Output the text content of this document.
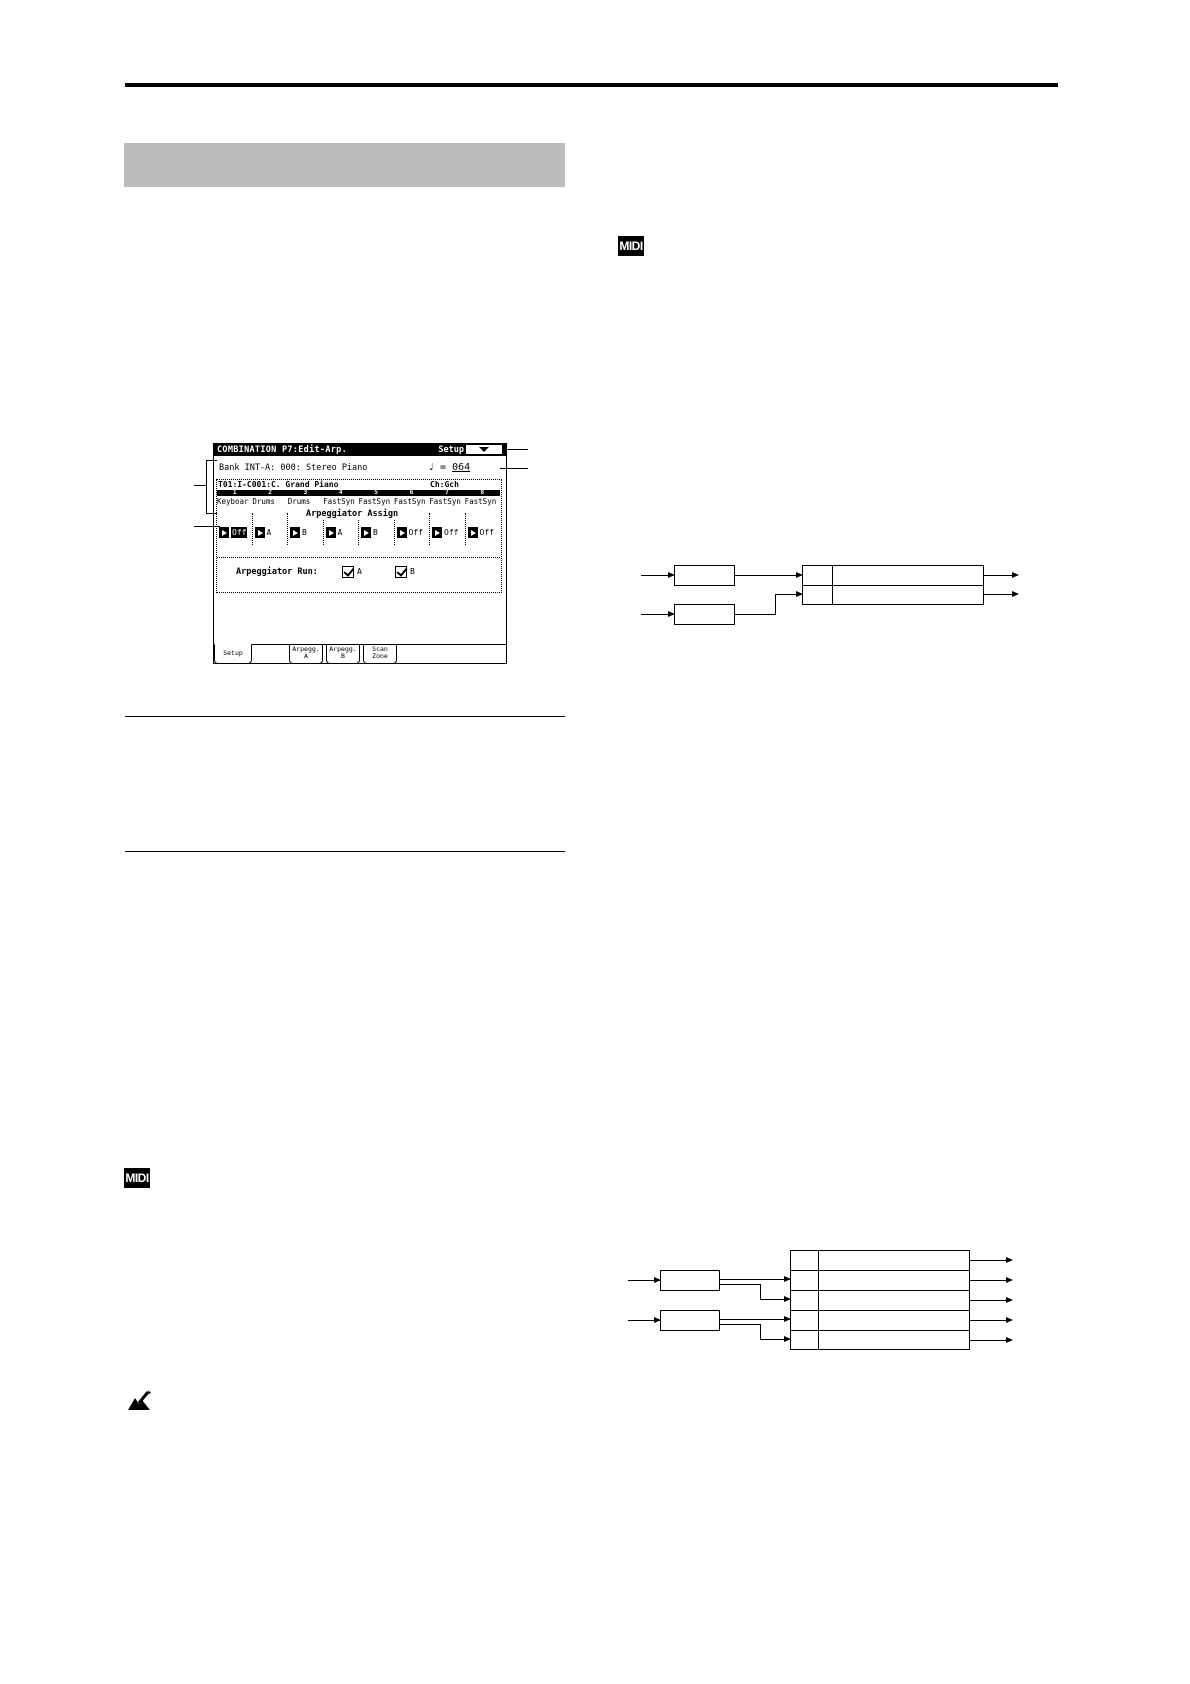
MIDI
MIDI
COMBINATION P7:Edit-Arp.	Setup
Bank INT-A: 000: Stereo Piano	♩ = 064
T01:I-C001:C. Grand Piano	Ch:Gch
1	2	3	4	5	6	7	8
Keyboar Drums	Drums	FastSyn FastSyn FastSyn FastSyn FastSyn
Off	A	B	A	B	Off	Off	Off
Arpeggiator Assign
Arpeggiator Run:	A	B
Setup	Arpegg.
A
Arpegg.
B
Scan
Zone
